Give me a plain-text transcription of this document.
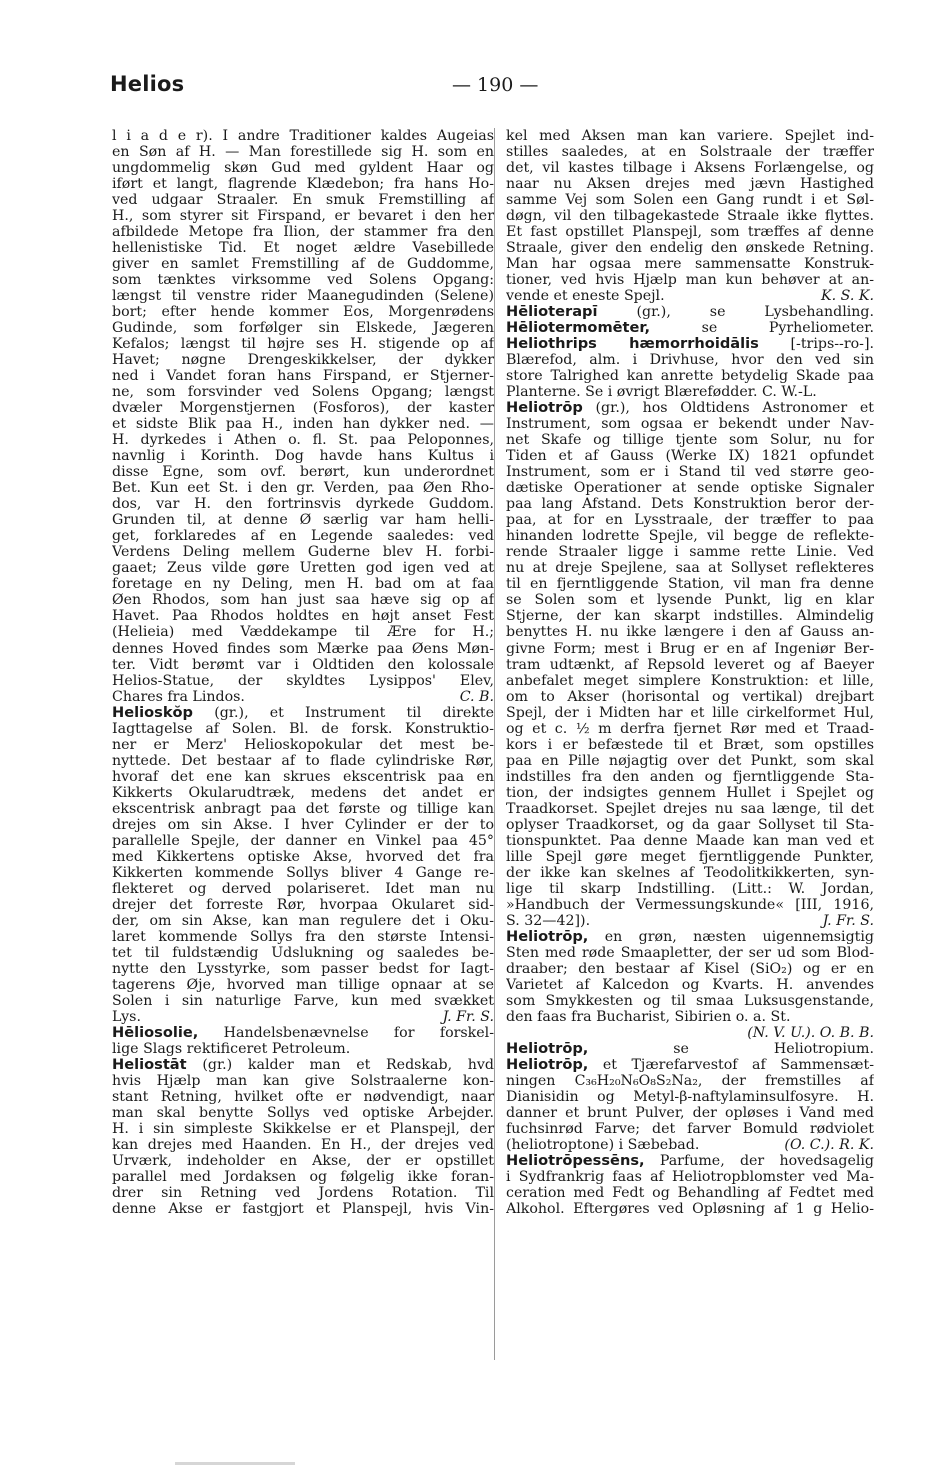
Helios	— 190 —
l i a d e r). I andre Traditioner kaldes Augeias
en Søn af H. — Man forestillede sig H. som en
ungdommelig skøn Gud med gyldent Haar og
iført et langt, flagrende Klædebon; fra hans Ho-
ved udgaar Straaler. En smuk Fremstilling af
H., som styrer sit Firspand, er bevaret i den her
afbildede Metope fra Ilion, der stammer fra den
hellenistiske Tid. Et noget ældre Vasebillede
giver en samlet Fremstilling af de Guddomme,
som tænktes virksomme ved Solens Opgang:
længst til venstre rider Maanegudinden (Selene)
bort; efter hende kommer Eos, Morgenrødens
Gudinde, som forfølger sin Elskede, Jægeren
Kefalos; længst til højre ses H. stigende op af
Havet; nøgne Drengeskikkelser, der dykker
ned i Vandet foran hans Firspand, er Stjerner-
ne, som forsvinder ved Solens Opgang; længst
dvæler Morgenstjernen (Fosforos), der kaster
et sidste Blik paa H., inden han dykker ned. —
H. dyrkedes i Athen o. fl. St. paa Peloponnes,
navnlig i Korinth. Dog havde hans Kultus i
disse Egne, som ovf. berørt, kun underordnet
Bet. Kun eet St. i den gr. Verden, paa Øen Rho-
dos, var H. den fortrinsvis dyrkede Guddom.
Grunden til, at denne Ø særlig var ham helli-
get, forklaredes af en Legende saaledes: ved
Verdens Deling mellem Guderne blev H. forbi-
gaaet; Zeus vilde gøre Uretten god igen ved at
foretage en ny Deling, men H. bad om at faa
Øen Rhodos, som han just saa hæve sig op af
Havet. Paa Rhodos holdtes en højt anset Fest
(Helieia) med Væddekampe til Ære for H.;
dennes Hoved findes som Mærke paa Øens Møn-
ter. Vidt berømt var i Oldtiden den kolossale
Helios-Statue, der skyldtes Lysippos' Elev,
Chares fra Lindos.	C. B.
Helioskŏp (gr.), et Instrument til direkte
Iagttagelse af Solen. Bl. de forsk. Konstruktio-
ner er Merz' Helioskopokular det mest be-
nyttede. Det bestaar af to flade cylindriske Rør,
hvoraf det ene kan skrues ekscentrisk paa en
Kikkerts Okularudtræk, medens det andet er
ekscentrisk anbragt paa det første og tillige kan
drejes om sin Akse. I hver Cylinder er der to
parallelle Spejle, der danner en Vinkel paa 45°
med Kikkertens optiske Akse, hvorved det fra
Kikkerten kommende Sollys bliver 4 Gange re-
flekteret og derved polariseret. Idet man nu
drejer det forreste Rør, hvorpaa Okularet sid-
der, om sin Akse, kan man regulere det i Oku-
laret kommende Sollys fra den største Intensi-
tet til fuldstændig Udslukning og saaledes be-
nytte den Lysstyrke, som passer bedst for Iagt-
tagerens Øje, hvorved man tillige opnaar at se
Solen i sin naturlige Farve, kun med svækket
Lys.	J. Fr. S.
Hēliosolie, Handelsbenævnelse for forskel-
lige Slags rektificeret Petroleum.
Heliostāt (gr.) kalder man et Redskab, hvd
hvis Hjælp man kan give Solstraalerne kon-
stant Retning, hvilket ofte er nødvendigt, naar
man skal benytte Sollys ved optiske Arbejder.
H. i sin simpleste Skikkelse er et Planspejl, der
kan drejes med Haanden. En H., der drejes ved
Urværk, indeholder en Akse, der er opstillet
parallel med Jordaksen og følgelig ikke foran-
drer sin Retning ved Jordens Rotation. Til
denne Akse er fastgjort et Planspejl, hvis Vin-
kel med Aksen man kan variere. Spejlet ind-
stilles saaledes, at en Solstraale der træffer
det, vil kastes tilbage i Aksens Forlængelse, og
naar nu Aksen drejes med jævn Hastighed
samme Vej som Solen een Gang rundt i et Søl-
døgn, vil den tilbagekastede Straale ikke flyttes.
Et fast opstillet Planspejl, som træffes af denne
Straale, giver den endelig den ønskede Retning.
Man har ogsaa mere sammensatte Konstruk-
tioner, ved hvis Hjælp man kun behøver at an-
vende et eneste Spejl.	K. S. K.
Hēlioterapī (gr.), se Lysbehandling.
Hēliotermomēter, se Pyrheliometer.
Heliothrips hæmorrhoidālis [-trips--ro-].
Blærefod, alm. i Drivhuse, hvor den ved sin
store Talrighed kan anrette betydelig Skade paa
Planterne. Se i øvrigt Blærefødder. C. W.-L.
Heliotrōp (gr.), hos Oldtidens Astronomer et
Instrument, som ogsaa er bekendt under Nav-
net Skafe og tillige tjente som Solur, nu for
Tiden et af Gauss (Werke IX) 1821 opfundet
Instrument, som er i Stand til ved større geo-
dætiske Operationer at sende optiske Signaler
paa lang Afstand. Dets Konstruktion beror der-
paa, at for en Lysstraale, der træffer to paa
hinanden lodrette Spejle, vil begge de reflekte-
rende Straaler ligge i samme rette Linie. Ved
nu at dreje Spejlene, saa at Sollyset reflekteres
til en fjerntliggende Station, vil man fra denne
se Solen som et lysende Punkt, lig en klar
Stjerne, der kan skarpt indstilles. Almindelig
benyttes H. nu ikke længere i den af Gauss an-
givne Form; mest i Brug er en af Ingeniør Ber-
tram udtænkt, af Repsold leveret og af Baeyer
anbefalet meget simplere Konstruktion: et lille,
om to Akser (horisontal og vertikal) drejbart
Spejl, der i Midten har et lille cirkelformet Hul,
og et c. ½ m derfra fjernet Rør med et Traad-
kors i er befæstede til et Bræt, som opstilles
paa en Pille nøjagtig over det Punkt, som skal
indstilles fra den anden og fjerntliggende Sta-
tion, der indsigtes gennem Hullet i Spejlet og
Traadkorset. Spejlet drejes nu saa længe, til det
oplyser Traadkorset, og da gaar Sollyset til Sta-
tionspunktet. Paa denne Maade kan man ved et
lille Spejl gøre meget fjerntliggende Punkter,
der ikke kan skelnes af Teodolitkikkerten, syn-
lige til skarp Indstilling. (Litt.: W. Jordan,
»Handbuch der Vermessungskunde« [III, 1916,
S. 32—42]).	J. Fr. S.
Heliotrōp, en grøn, næsten uigennemsigtig
Sten med røde Smaapletter, der ser ud som Blod-
draaber; den bestaar af Kisel (SiO₂) og er en
Varietet af Kalcedon og Kvarts. H. anvendes
som Smykkesten og til smaa Luksusgenstande,
den faas fra Bucharist, Sibirien o. a. St.
(N. V. U.). O. B. B.
Heliotrōp, se Heliotropium.
Heliotrōp, et Tjærefarvestof af Sammensæt-
ningen C₃₆H₂₀N₆O₈S₂Na₂, der fremstilles af
Dianisidin og Metyl-β-naftylaminsulfosyre. H.
danner et brunt Pulver, der opløses i Vand med
fuchsinrød Farve; det farver Bomuld rødviolet
(heliotroptone) i Sæbebad.	(O. C.). R. K.
Heliotrōpessēns, Parfume, der hovedsagelig
i Sydfrankrig faas af Heliotropblomster ved Ma-
ceration med Fedt og Behandling af Fedtet med
Alkohol. Eftergøres ved Opløsning af 1 g Helio-
